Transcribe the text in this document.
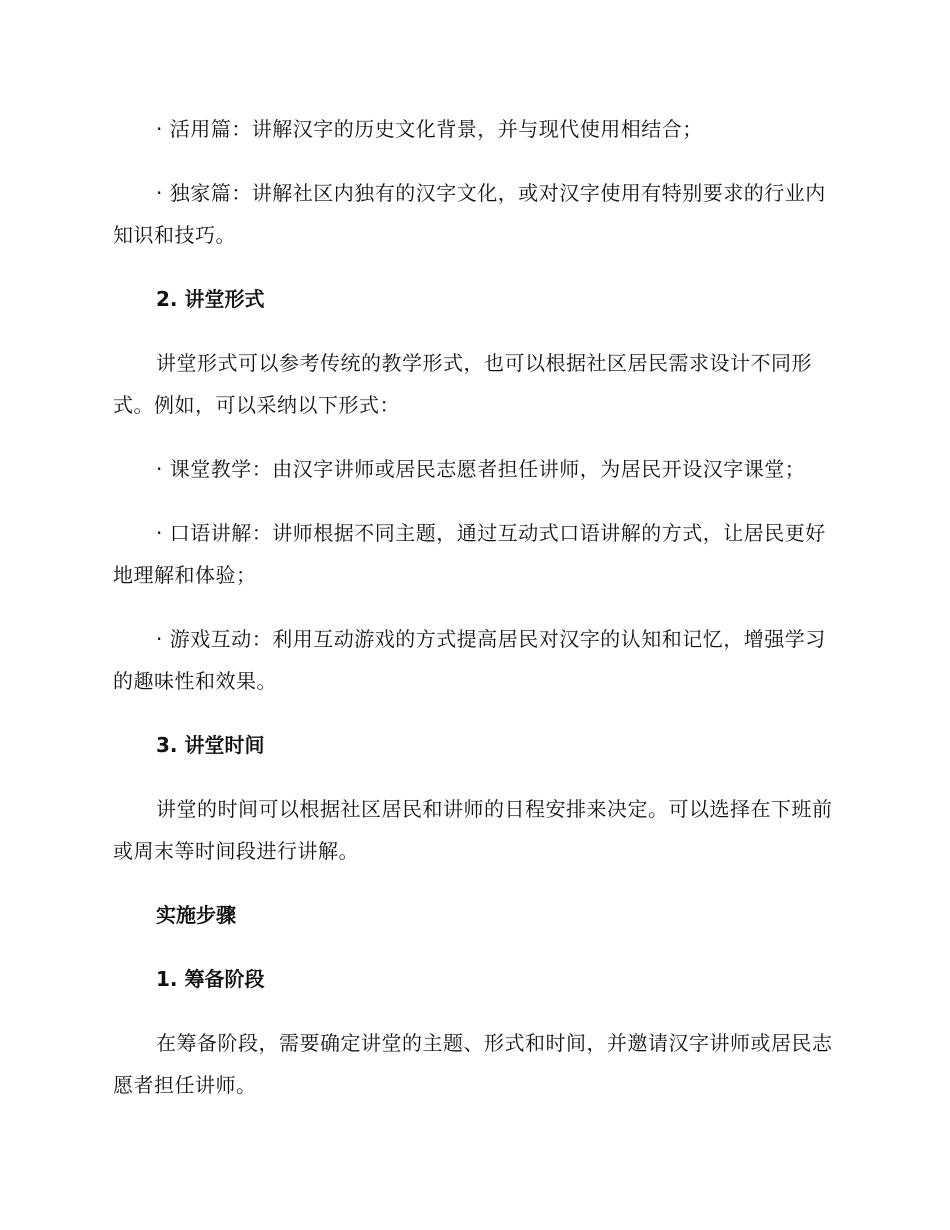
· 活用篇：讲解汉字的历史文化背景，并与现代使用相结合；

· 独家篇：讲解社区内独有的汉字文化，或对汉字使用有特别要求的行业内知识和技巧。

2. 讲堂形式

讲堂形式可以参考传统的教学形式，也可以根据社区居民需求设计不同形式。例如，可以采纳以下形式：

· 课堂教学：由汉字讲师或居民志愿者担任讲师，为居民开设汉字课堂；

· 口语讲解：讲师根据不同主题，通过互动式口语讲解的方式，让居民更好地理解和体验；

· 游戏互动：利用互动游戏的方式提高居民对汉字的认知和记忆，增强学习的趣味性和效果。

3. 讲堂时间

讲堂的时间可以根据社区居民和讲师的日程安排来决定。可以选择在下班前或周末等时间段进行讲解。

实施步骤

1. 筹备阶段

在筹备阶段，需要确定讲堂的主题、形式和时间，并邀请汉字讲师或居民志愿者担任讲师。
